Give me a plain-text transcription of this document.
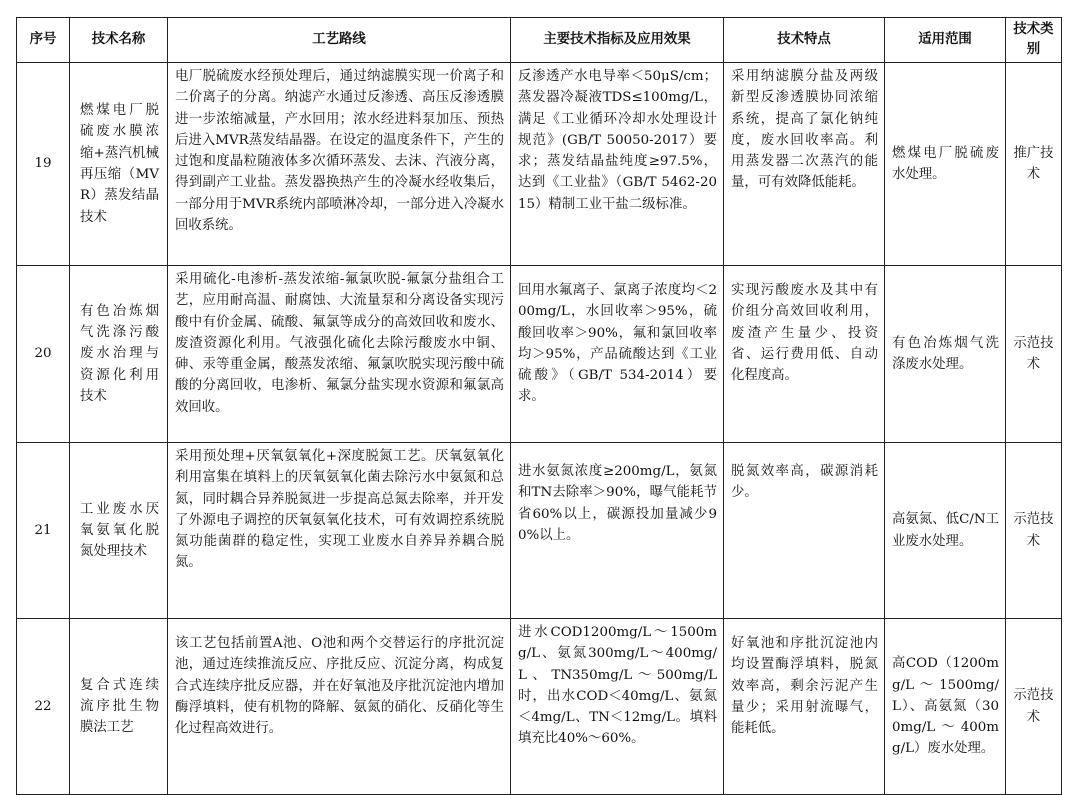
序号	技术名称	工艺路线	主要技术指标及应用效果	技术特点	适用范围	技术类别
19	燃煤电厂脱硫废水膜浓缩+蒸汽机械再压缩（MVR）蒸发结晶技术	电厂脱硫废水经预处理后，通过纳滤膜实现一价离子和二价离子的分离。纳滤产水通过反渗透、高压反渗透膜进一步浓缩减量，产水回用；浓水经进料泵加压、预热后进入MVR蒸发结晶器。在设定的温度条件下，产生的过饱和度晶粒随液体多次循环蒸发、去沫、汽液分离，得到副产工业盐。蒸发器换热产生的冷凝水经收集后，一部分用于MVR系统内部喷淋冷却，一部分进入冷凝水回收系统。	反渗透产水电导率＜50μS/cm；蒸发器冷凝液TDS≤100mg/L，满足《工业循环冷却水处理设计规范》(GB/T 50050-2017）要求；蒸发结晶盐纯度≥97.5%，达到《工业盐》（GB/T 5462-2015）精制工业干盐二级标准。	采用纳滤膜分盐及两级新型反渗透膜协同浓缩系统，提高了氯化钠纯度，废水回收率高。利用蒸发器二次蒸汽的能量，可有效降低能耗。	燃煤电厂脱硫废水处理。	推广技术
20	有色冶炼烟气洗涤污酸废水治理与资源化利用技术	采用硫化-电渗析-蒸发浓缩-氟氯吹脱-氟氯分盐组合工艺，应用耐高温、耐腐蚀、大流量泵和分离设备实现污酸中有价金属、硫酸、氟氯等成分的高效回收和废水、废渣资源化利用。气液强化硫化去除污酸废水中铜、砷、汞等重金属，酸蒸发浓缩、氟氯吹脱实现污酸中硫酸的分离回收，电渗析、氟氯分盐实现水资源和氟氯高效回收。	回用水氟离子、氯离子浓度均＜200mg/L，水回收率＞95%，硫酸回收率＞90%，氟和氯回收率均＞95%，产品硫酸达到《工业硫酸》（GB/T 534-2014）要求。	实现污酸废水及其中有价组分高效回收利用，废渣产生量少、投资省、运行费用低、自动化程度高。	有色冶炼烟气洗涤废水处理。	示范技术
21	工业废水厌氧氨氧化脱氮处理技术	采用预处理+厌氧氨氧化+深度脱氮工艺。厌氧氨氧化利用富集在填料上的厌氧氨氧化菌去除污水中氨氮和总氮，同时耦合异养脱氮进一步提高总氮去除率，并开发了外源电子调控的厌氧氨氧化技术，可有效调控系统脱氮功能菌群的稳定性，实现工业废水自养异养耦合脱氮。	进水氨氮浓度≥200mg/L，氨氮和TN去除率＞90%，曝气能耗节省60%以上，碳源投加量减少90%以上。	脱氮效率高，碳源消耗少。	高氨氮、低C/N工业废水处理。	示范技术
22	复合式连续流序批生物膜法工艺	该工艺包括前置A池、O池和两个交替运行的序批沉淀池，通过连续推流反应、序批反应、沉淀分离，构成复合式连续序批反应器，并在好氧池及序批沉淀池内增加酶浮填料，使有机物的降解、氨氮的硝化、反硝化等生化过程高效进行。	进水COD1200mg/L～1500mg/L、氨氮300mg/L～400mg/L、TN350mg/L～500mg/L时，出水COD＜40mg/L、氨氮＜4mg/L、TN＜12mg/L。填料填充比40%～60%。	好氧池和序批沉淀池内均设置酶浮填料，脱氮效率高，剩余污泥产生量少；采用射流曝气，能耗低。	高COD（1200mg/L～1500mg/L）、高氨氮（300mg/L～400mg/L）废水处理。	示范技术
